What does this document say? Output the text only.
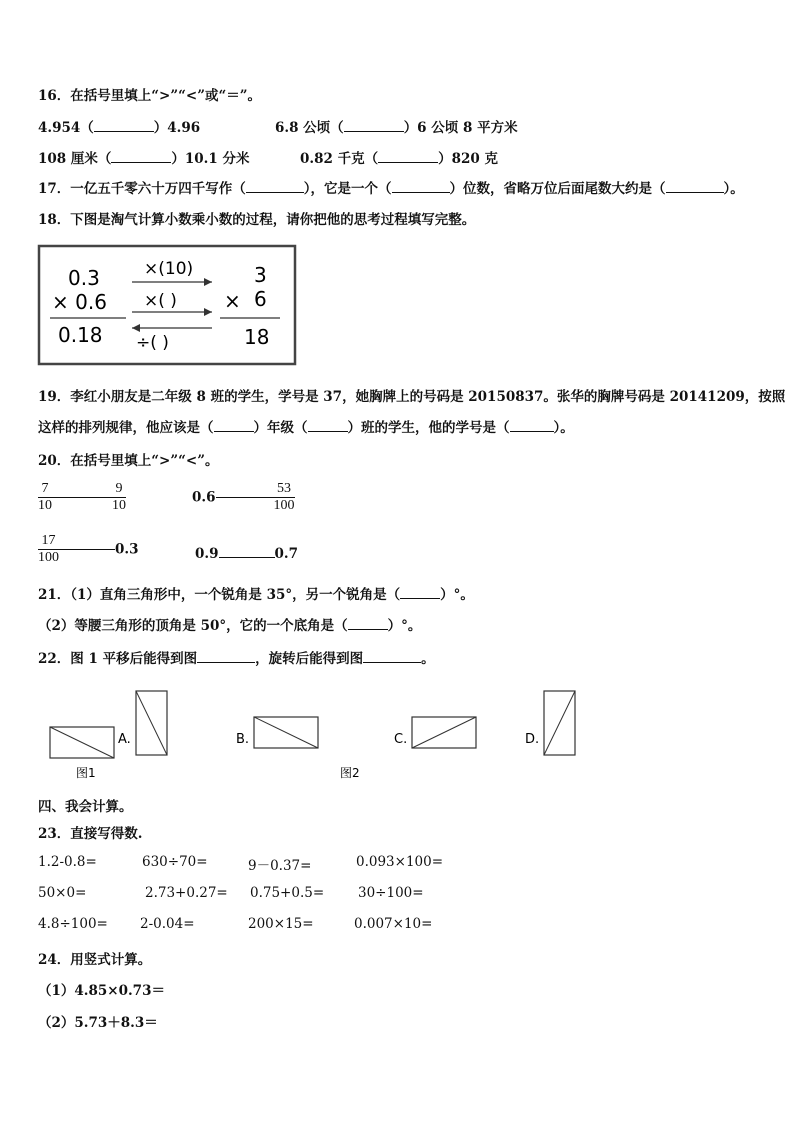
16．在括号里填上“>”“<”或“＝”。
4.954（	）4.96	6.8 公顷（	）6 公顷 8 平方米
108 厘米（	）10.1 分米	0.82 千克（	）820 克
17．一亿五千零六十万四千写作（	），它是一个（	）位数，省略万位后面尾数大约是（	）。
18．下图是淘气计算小数乘小数的过程，请你把他的思考过程填写完整。
0.3
× 0.6
0.18
×(10)
×( )
÷( )
3
× 6
18
19．李红小朋友是二年级 8 班的学生，学号是 37，她胸牌上的号码是 20150837。张华的胸牌号码是 20141209，按照
这样的排列规律，他应该是（	）年级（	）班的学生，他的学号是（	）。
20．在括号里填上“>”“<”。
$\frac{7}{10}$	$\frac{9}{10}$	0.6	$\frac{53}{100}$
$\frac{17}{100}$	0.3	0.9	0.7
21．（1）直角三角形中，一个锐角是 35°，另一个锐角是（	）°。
（2）等腰三角形的顶角是 50°，它的一个底角是（	）°。
22．图 1 平移后能得到图	，旋转后能得到图	。
图1
A.	B.
图2
C.	D.
四、我会计算。
23．直接写得数.
1.2-0.8=	630÷70=	9－0.37=	0.093×100=
50×0=	2.73+0.27= 0.75+0.5=	30÷100=
4.8÷100= 2-0.04=	200×15=	0.007×10=
24．用竖式计算。
（1）4.85×0.73＝
（2）5.73＋8.3＝
